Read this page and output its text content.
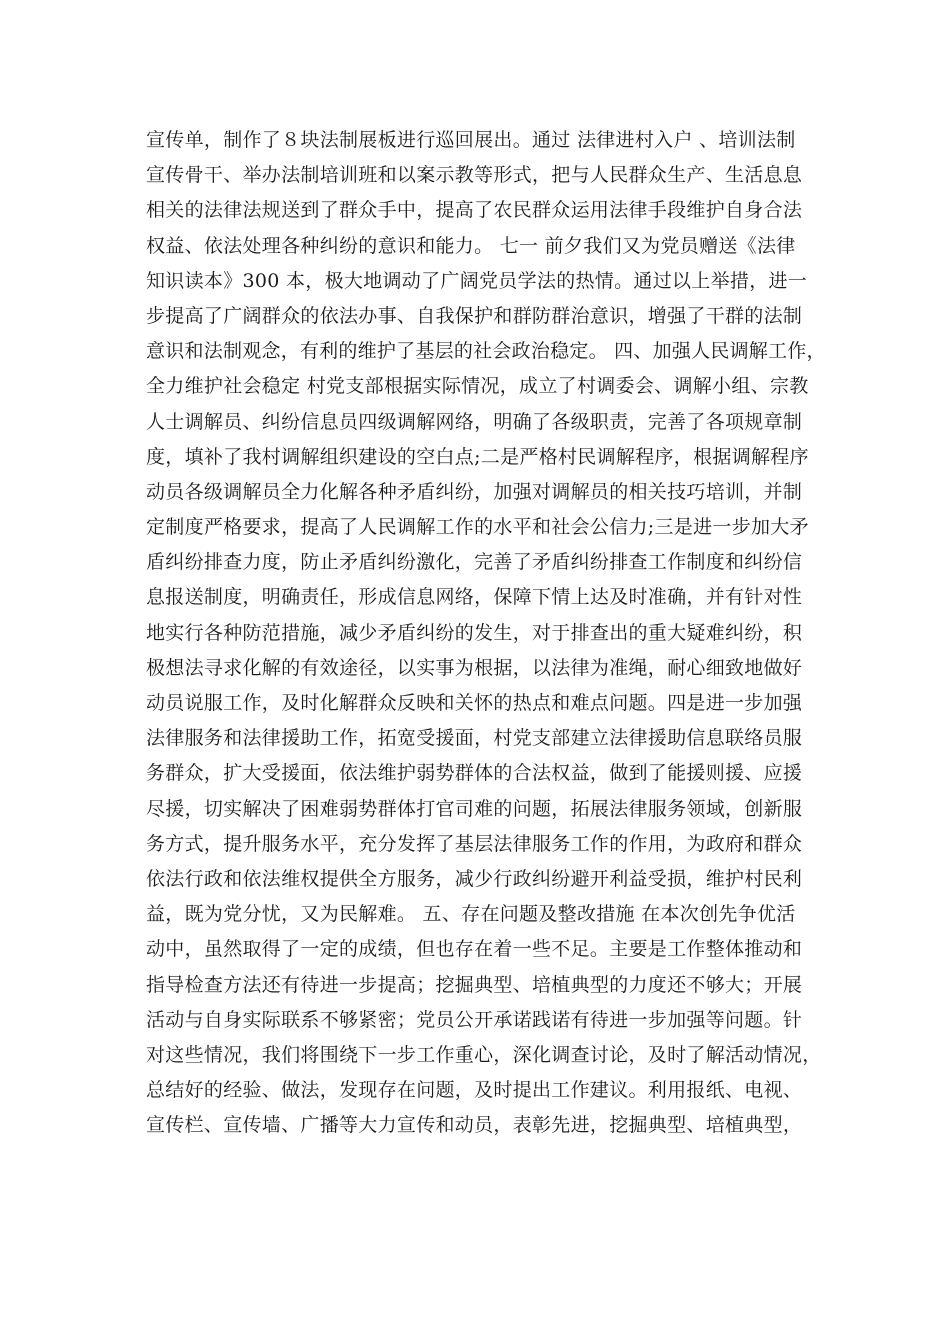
宣传单，制作了８块法制展板进行巡回展出。通过 法律进村入户 、培训法制
宣传骨干、举办法制培训班和以案示教等形式，把与人民群众生产、生活息息
相关的法律法规送到了群众手中，提高了农民群众运用法律手段维护自身合法
权益、依法处理各种纠纷的意识和能力。 七一 前夕我们又为党员赠送《法律
知识读本》300 本，极大地调动了广阔党员学法的热情。通过以上举措，进一
步提高了广阔群众的依法办事、自我保护和群防群治意识，增强了干群的法制
意识和法制观念，有利的维护了基层的社会政治稳定。 四、加强人民调解工作，
全力维护社会稳定 村党支部根据实际情况，成立了村调委会、调解小组、宗教
人士调解员、纠纷信息员四级调解网络，明确了各级职责，完善了各项规章制
度，填补了我村调解组织建设的空白点;二是严格村民调解程序，根据调解程序
动员各级调解员全力化解各种矛盾纠纷，加强对调解员的相关技巧培训，并制
定制度严格要求，提高了人民调解工作的水平和社会公信力;三是进一步加大矛
盾纠纷排查力度，防止矛盾纠纷激化，完善了矛盾纠纷排查工作制度和纠纷信
息报送制度，明确责任，形成信息网络，保障下情上达及时准确，并有针对性
地实行各种防范措施，减少矛盾纠纷的发生，对于排查出的重大疑难纠纷，积
极想法寻求化解的有效途径，以实事为根据，以法律为准绳，耐心细致地做好
动员说服工作，及时化解群众反映和关怀的热点和难点问题。四是进一步加强
法律服务和法律援助工作，拓宽受援面，村党支部建立法律援助信息联络员服
务群众，扩大受援面，依法维护弱势群体的合法权益，做到了能援则援、应援
尽援，切实解决了困难弱势群体打官司难的问题，拓展法律服务领域，创新服
务方式，提升服务水平，充分发挥了基层法律服务工作的作用，为政府和群众
依法行政和依法维权提供全方服务，减少行政纠纷避开利益受损，维护村民利
益，既为党分忧，又为民解难。 五、存在问题及整改措施 在本次创先争优活
动中，虽然取得了一定的成绩，但也存在着一些不足。主要是工作整体推动和
指导检查方法还有待进一步提高；挖掘典型、培植典型的力度还不够大；开展
活动与自身实际联系不够紧密；党员公开承诺践诺有待进一步加强等问题。针
对这些情况，我们将围绕下一步工作重心，深化调查讨论，及时了解活动情况，
总结好的经验、做法，发现存在问题，及时提出工作建议。利用报纸、电视、
宣传栏、宣传墙、广播等大力宣传和动员，表彰先进，挖掘典型、培植典型，
